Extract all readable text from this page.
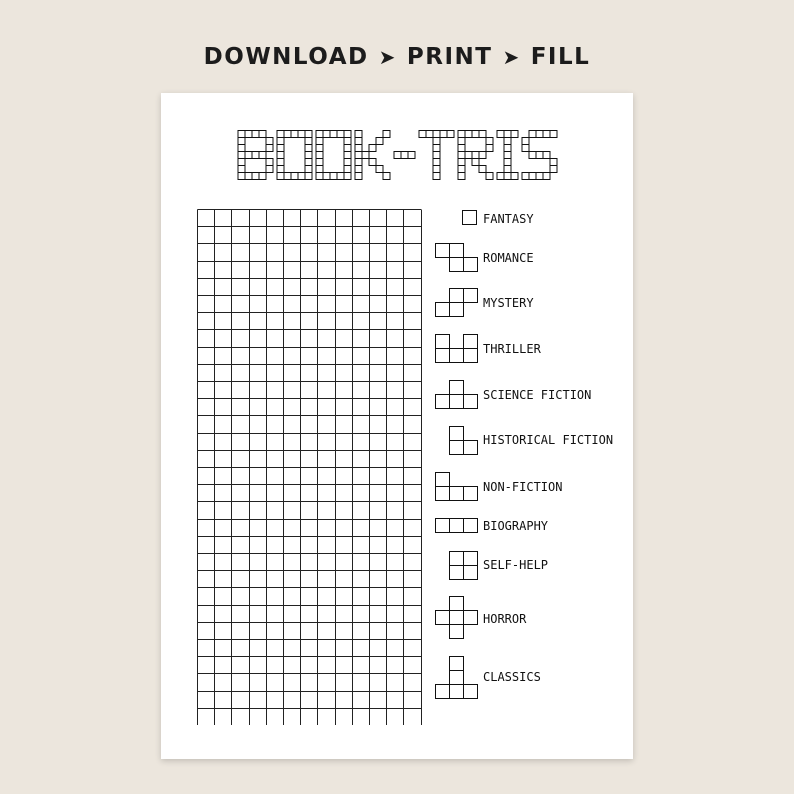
DOWNLOAD ➤ PRINT ➤ FILL
FANTASY
ROMANCE
MYSTERY
THRILLER
SCIENCE FICTION
HISTORICAL FICTION
NON-FICTION
BIOGRAPHY
SELF-HELP
HORROR
CLASSICS
